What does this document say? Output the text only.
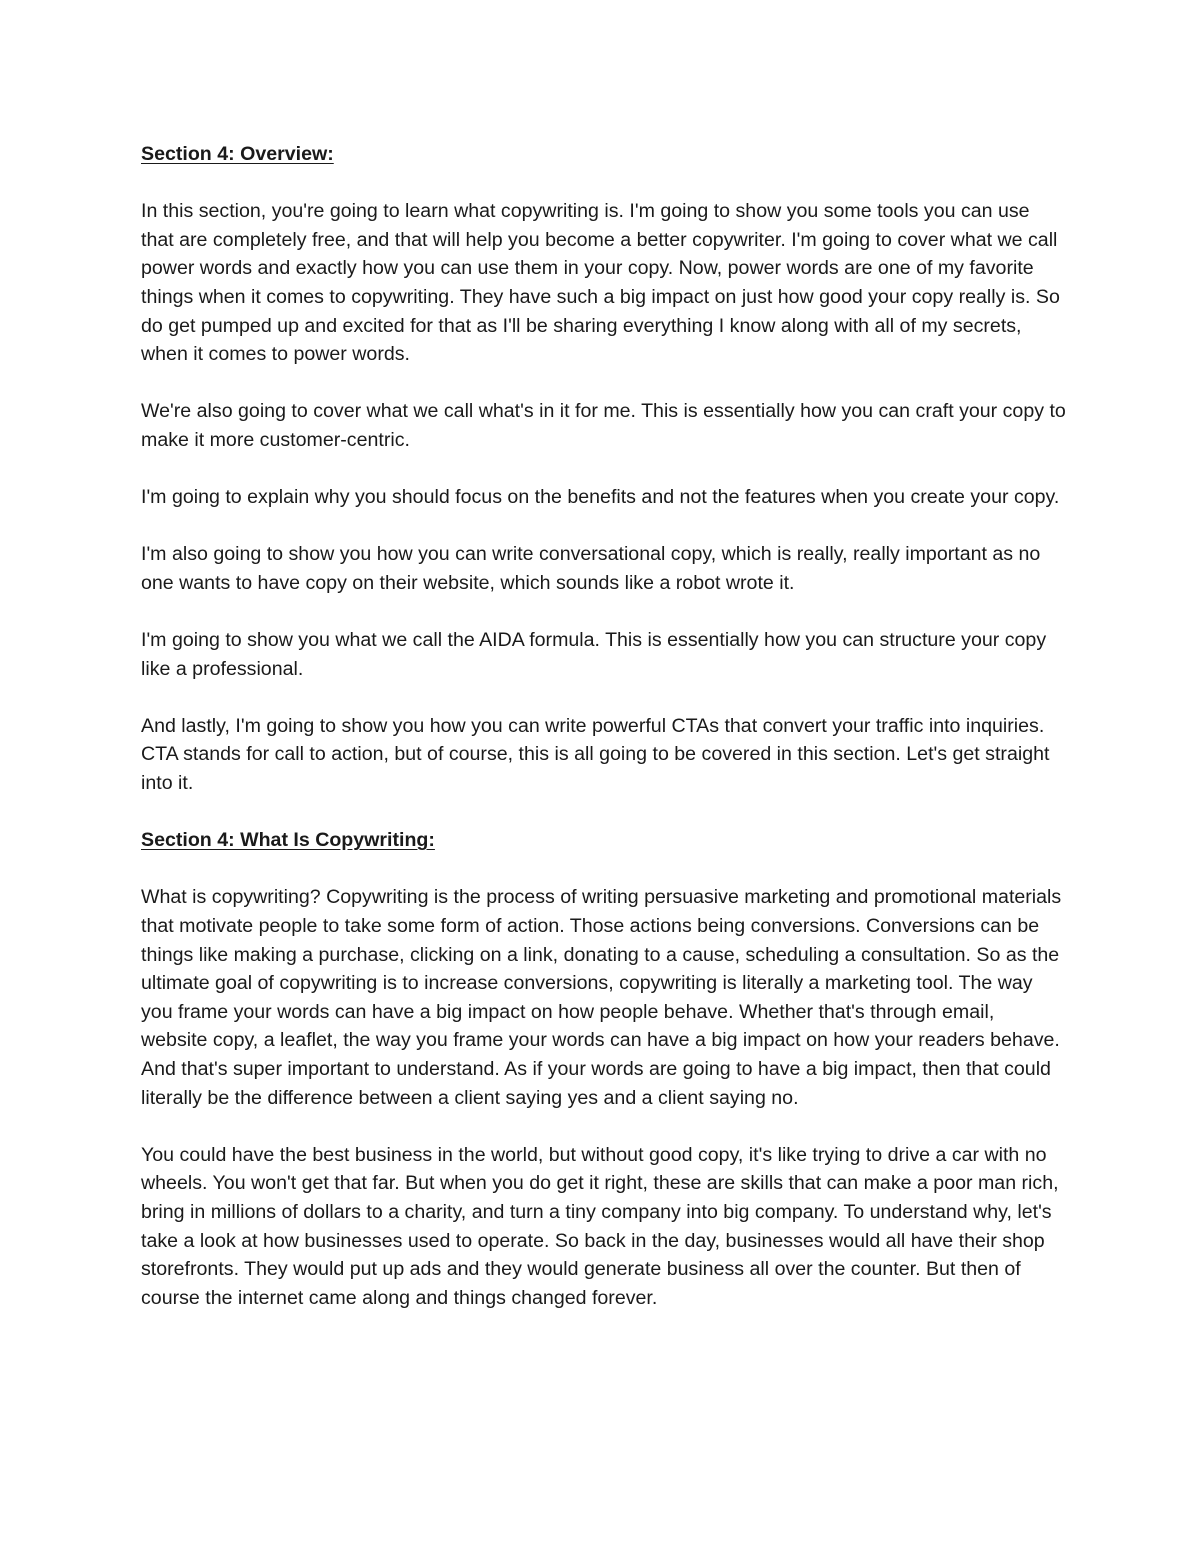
Section 4: Overview:

In this section, you're going to learn what copywriting is. I'm going to show you some tools you can use that are completely free, and that will help you become a better copywriter. I'm going to cover what we call power words and exactly how you can use them in your copy. Now, power words are one of my favorite things when it comes to copywriting. They have such a big impact on just how good your copy really is. So do get pumped up and excited for that as I'll be sharing everything I know along with all of my secrets, when it comes to power words.

We're also going to cover what we call what's in it for me. This is essentially how you can craft your copy to make it more customer-centric.

I'm going to explain why you should focus on the benefits and not the features when you create your copy.

I'm also going to show you how you can write conversational copy, which is really, really important as no one wants to have copy on their website, which sounds like a robot wrote it.

I'm going to show you what we call the AIDA formula. This is essentially how you can structure your copy like a professional.

And lastly, I'm going to show you how you can write powerful CTAs that convert your traffic into inquiries. CTA stands for call to action, but of course, this is all going to be covered in this section. Let's get straight into it.

Section 4: What Is Copywriting:

What is copywriting? Copywriting is the process of writing persuasive marketing and promotional materials that motivate people to take some form of action. Those actions being conversions. Conversions can be things like making a purchase, clicking on a link, donating to a cause, scheduling a consultation. So as the ultimate goal of copywriting is to increase conversions, copywriting is literally a marketing tool. The way you frame your words can have a big impact on how people behave. Whether that's through email, website copy, a leaflet, the way you frame your words can have a big impact on how your readers behave. And that's super important to understand. As if your words are going to have a big impact, then that could literally be the difference between a client saying yes and a client saying no.

You could have the best business in the world, but without good copy, it's like trying to drive a car with no wheels. You won't get that far. But when you do get it right, these are skills that can make a poor man rich, bring in millions of dollars to a charity, and turn a tiny company into big company. To understand why, let's take a look at how businesses used to operate. So back in the day, businesses would all have their shop storefronts. They would put up ads and they would generate business all over the counter. But then of course the internet came along and things changed forever.
